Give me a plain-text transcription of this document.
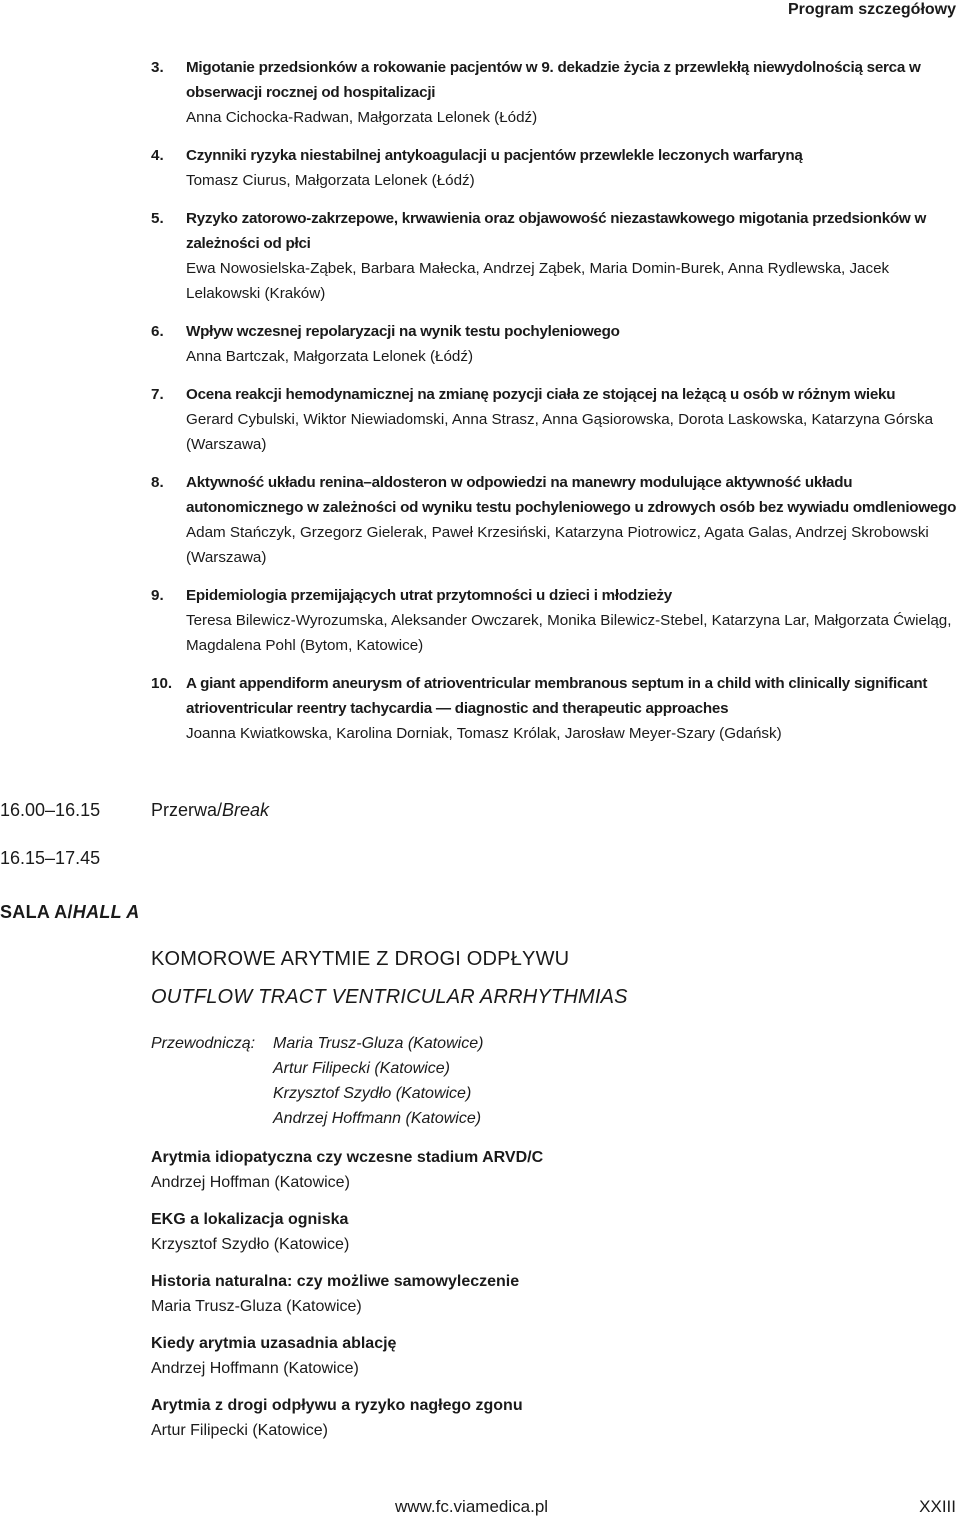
Program szczegółowy
3. Migotanie przedsionków a rokowanie pacjentów w 9. dekadzie życia z przewlekłą niewydolnością serca w obserwacji rocznej od hospitalizacji
Anna Cichocka-Radwan, Małgorzata Lelonek (Łódź)
4. Czynniki ryzyka niestabilnej antykoagulacji u pacjentów przewlekle leczonych warfaryną
Tomasz Ciurus, Małgorzata Lelonek (Łódź)
5. Ryzyko zatorowo-zakrzepowe, krwawienia oraz objawowość niezastawkowego migotania przedsionków w zależności od płci
Ewa Nowosielska-Ząbek, Barbara Małecka, Andrzej Ząbek, Maria Domin-Burek, Anna Rydlewska, Jacek Lelakowski (Kraków)
6. Wpływ wczesnej repolaryzacji na wynik testu pochyleniowego
Anna Bartczak, Małgorzata Lelonek (Łódź)
7. Ocena reakcji hemodynamicznej na zmianę pozycji ciała ze stojącej na leżącą u osób w różnym wieku
Gerard Cybulski, Wiktor Niewiadomski, Anna Strasz, Anna Gąsiorowska, Dorota Laskowska, Katarzyna Górska (Warszawa)
8. Aktywność układu renina–aldosteron w odpowiedzi na manewry modulujące aktywność układu autonomicznego w zależności od wyniku testu pochyleniowego u zdrowych osób bez wywiadu omdleniowego
Adam Stańczyk, Grzegorz Gielerak, Paweł Krzesiński, Katarzyna Piotrowicz, Agata Galas, Andrzej Skrobowski (Warszawa)
9. Epidemiologia przemijających utrat przytomności u dzieci i młodzieży
Teresa Bilewicz-Wyrozumska, Aleksander Owczarek, Monika Bilewicz-Stebel, Katarzyna Lar, Małgorzata Ćwieląg, Magdalena Pohl (Bytom, Katowice)
10. A giant appendiform aneurysm of atrioventricular membranous septum in a child with clinically significant atrioventricular reentry tachycardia — diagnostic and therapeutic approaches
Joanna Kwiatkowska, Karolina Dorniak, Tomasz Królak, Jarosław Meyer-Szary (Gdańsk)
16.00–16.15	Przerwa/Break
16.15–17.45
SALA A/HALL A
KOMOROWE ARYTMIE Z DROGI ODPŁYWU
OUTFLOW TRACT VENTRICULAR ARRHYTHMIAS
Przewodniczą: Maria Trusz-Gluza (Katowice)
Artur Filipecki (Katowice)
Krzysztof Szydło (Katowice)
Andrzej Hoffmann (Katowice)
Arytmia idiopatyczna czy wczesne stadium ARVD/C
Andrzej Hoffman (Katowice)
EKG a lokalizacja ogniska
Krzysztof Szydło (Katowice)
Historia naturalna: czy możliwe samowyleczenie
Maria Trusz-Gluza (Katowice)
Kiedy arytmia uzasadnia ablację
Andrzej Hoffmann (Katowice)
Arytmia z drogi odpływu a ryzyko nagłego zgonu
Artur Filipecki (Katowice)
www.fc.viamedica.pl	XXIII
